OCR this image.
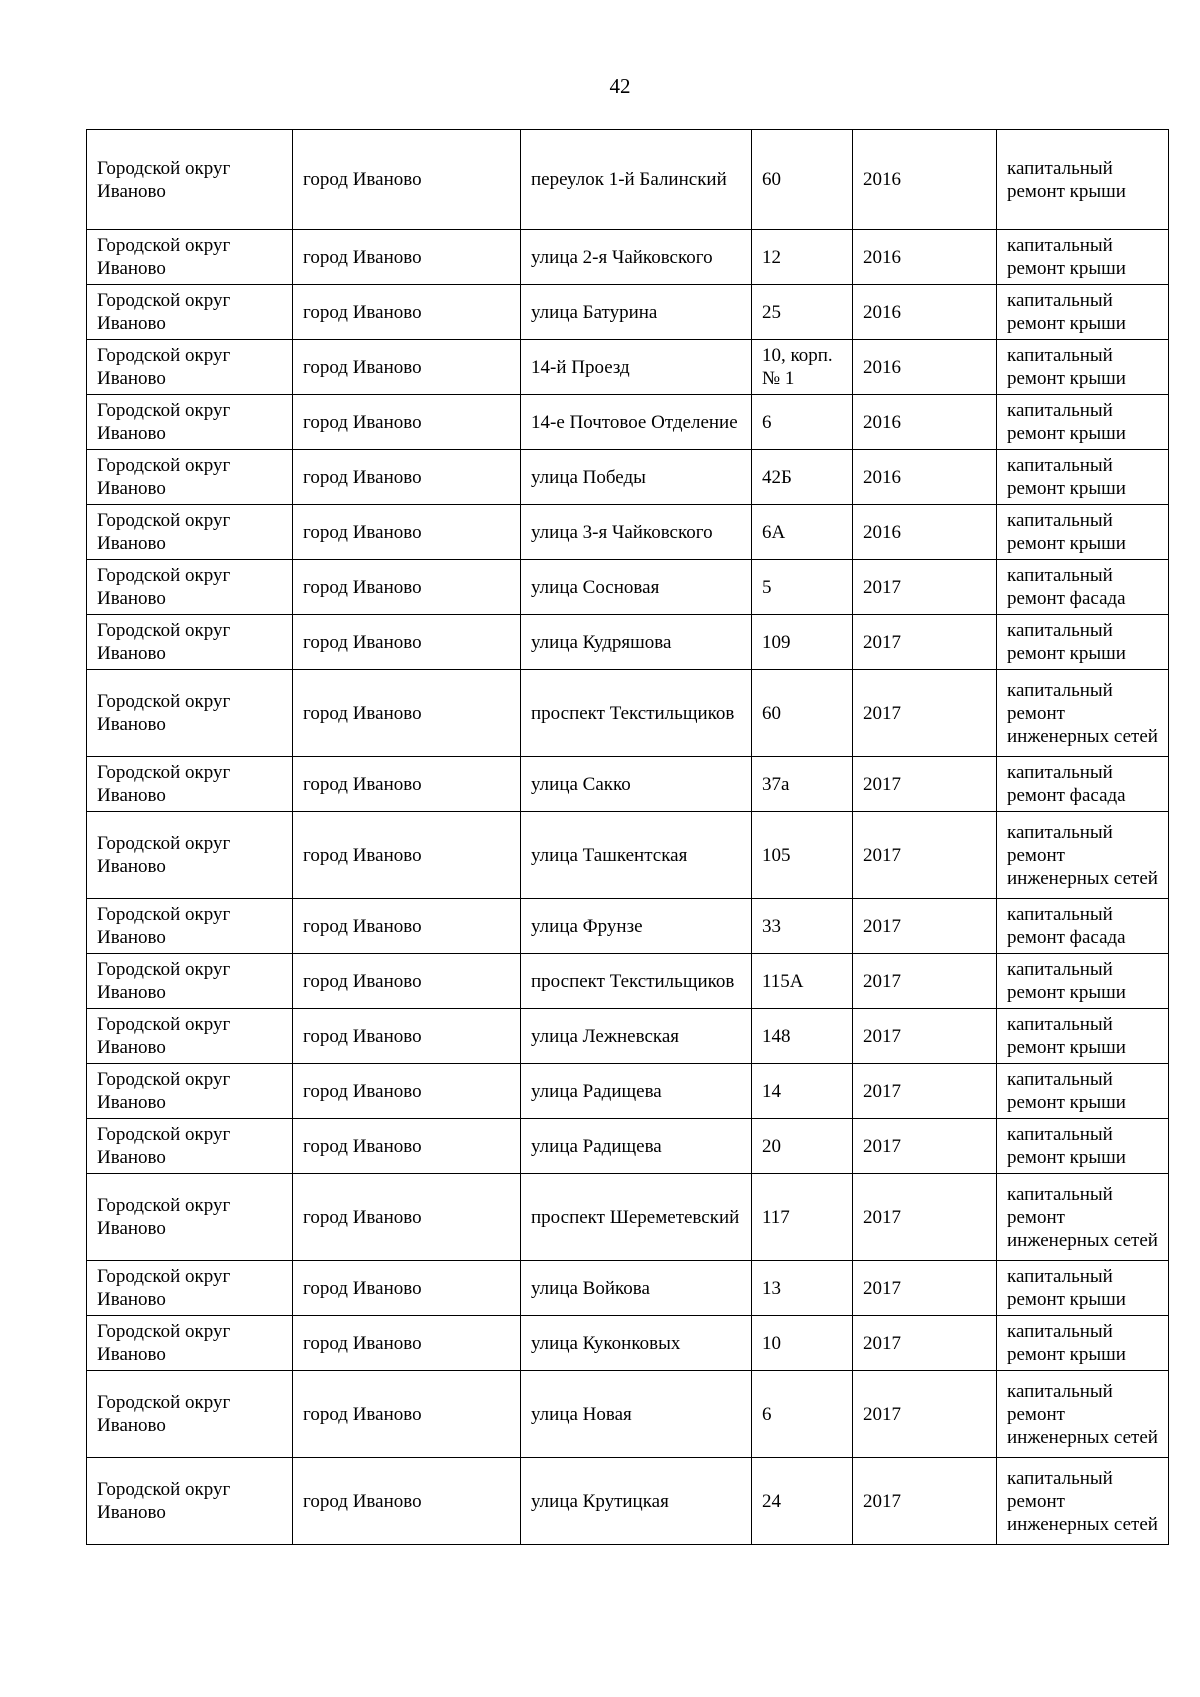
42
Городской округ Иваново	город Иваново	переулок 1-й Балинский	60	2016	капитальный ремонт крыши

Городской округ Иваново	город Иваново	улица 2-я Чайковского	12	2016	капитальный ремонт крыши

Городской округ Иваново	город Иваново	улица Батурина	25	2016	капитальный ремонт крыши

Городской округ Иваново	город Иваново	14-й Проезд	10, корп. № 1	2016	капитальный ремонт крыши

Городской округ Иваново	город Иваново	14-е Почтовое Отделение	6	2016	капитальный ремонт крыши

Городской округ Иваново	город Иваново	улица Победы	42Б	2016	капитальный ремонт крыши

Городской округ Иваново	город Иваново	улица 3-я Чайковского	6А	2016	капитальный ремонт крыши

Городской округ Иваново	город Иваново	улица Сосновая	5	2017	капитальный ремонт фасада

Городской округ Иваново	город Иваново	улица Кудряшова	109	2017	капитальный ремонт крыши

Городской округ Иваново	город Иваново	проспект Текстильщиков	60	2017	капитальный ремонт инженерных сетей

Городской округ Иваново	город Иваново	улица Сакко	37а	2017	капитальный ремонт фасада

Городской округ Иваново	город Иваново	улица Ташкентская	105	2017	капитальный ремонт инженерных сетей

Городской округ Иваново	город Иваново	улица Фрунзе	33	2017	капитальный ремонт фасада

Городской округ Иваново	город Иваново	проспект Текстильщиков	115А	2017	капитальный ремонт крыши

Городской округ Иваново	город Иваново	улица Лежневская	148	2017	капитальный ремонт крыши

Городской округ Иваново	город Иваново	улица Радищева	14	2017	капитальный ремонт крыши

Городской округ Иваново	город Иваново	улица Радищева	20	2017	капитальный ремонт крыши

Городской округ Иваново	город Иваново	проспект Шереметевский	117	2017	капитальный ремонт инженерных сетей

Городской округ Иваново	город Иваново	улица Войкова	13	2017	капитальный ремонт крыши

Городской округ Иваново	город Иваново	улица Куконковых	10	2017	капитальный ремонт крыши

Городской округ Иваново	город Иваново	улица Новая	6	2017	капитальный ремонт инженерных сетей

Городской округ Иваново	город Иваново	улица Крутицкая	24	2017	капитальный ремонт инженерных сетей
